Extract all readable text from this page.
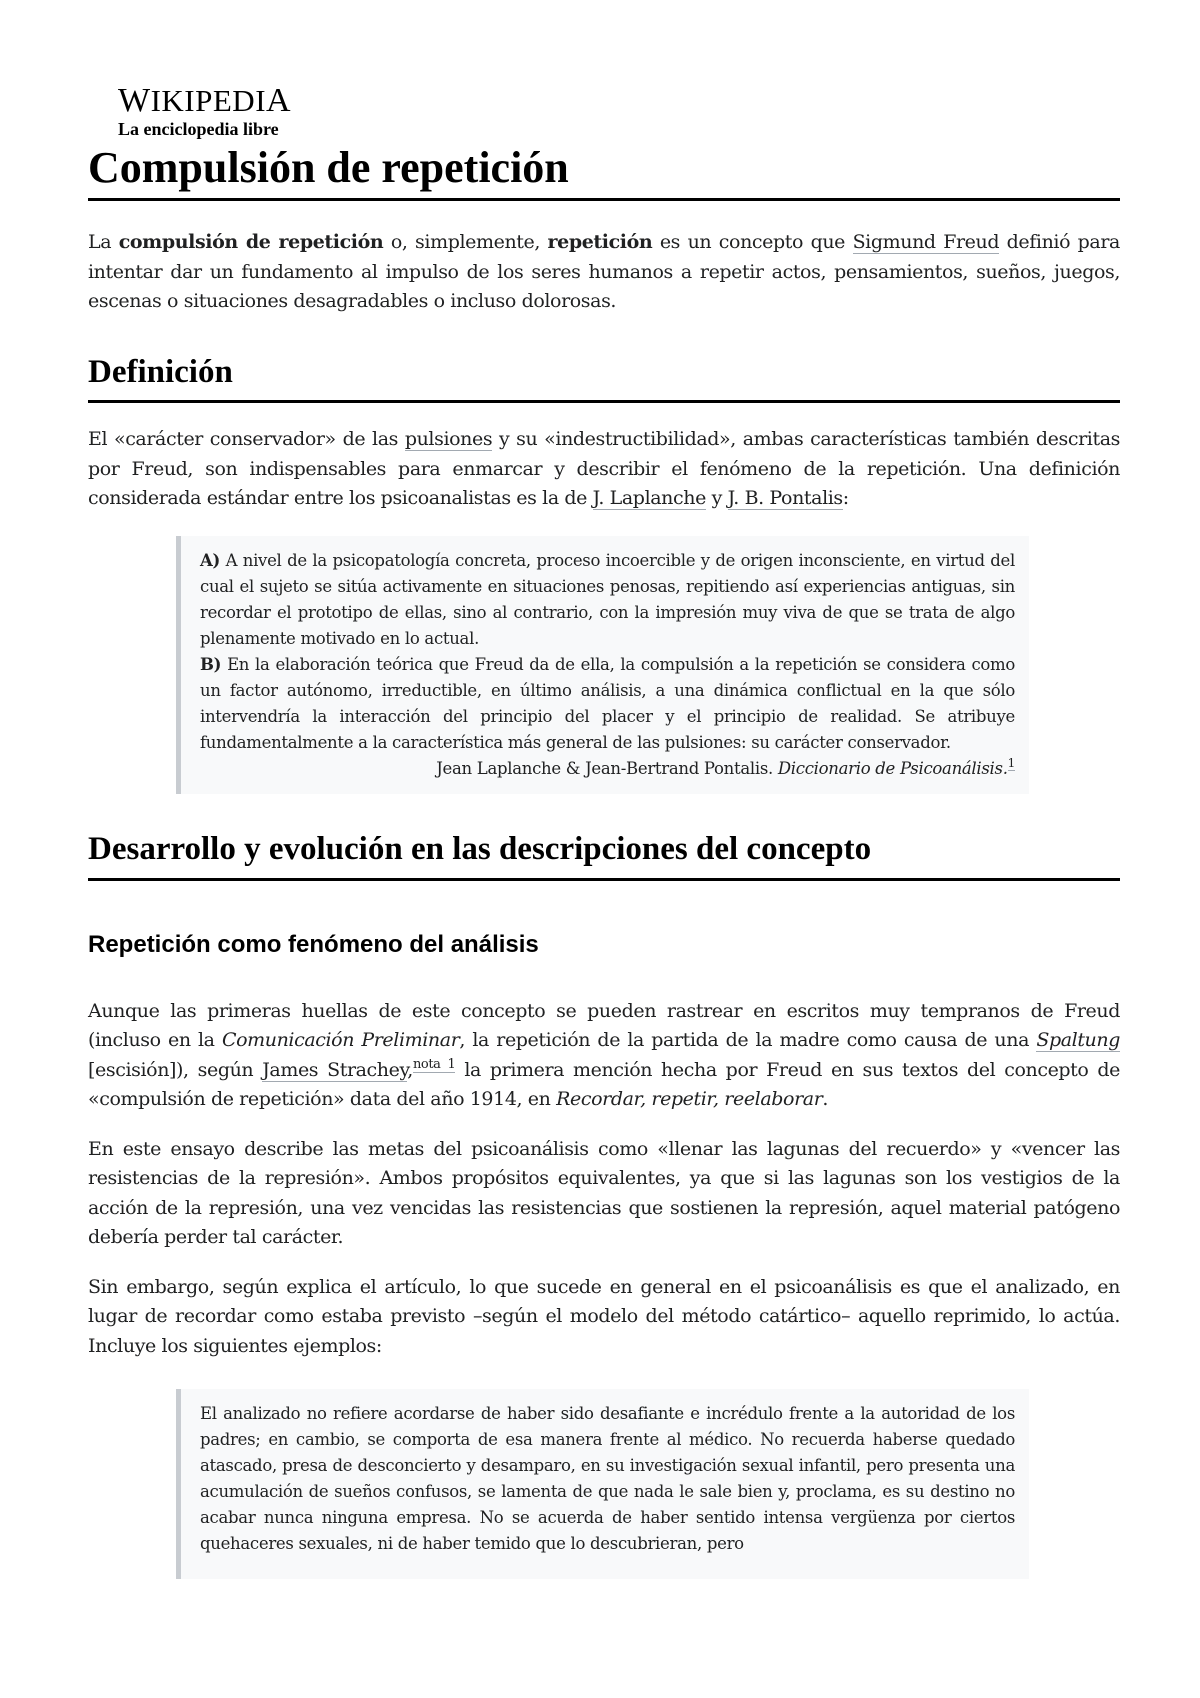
WIKIPEDIA
La enciclopedia libre
Compulsión de repetición

La compulsión de repetición o, simplemente, repetición es un concepto que Sigmund Freud definió para intentar dar un fundamento al impulso de los seres humanos a repetir actos, pensamientos, sueños, juegos, escenas o situaciones desagradables o incluso dolorosas.

Definición

El «carácter conservador» de las pulsiones y su «indestructibilidad», ambas características también descritas por Freud, son indispensables para enmarcar y describir el fenómeno de la repetición. Una definición considerada estándar entre los psicoanalistas es la de J. Laplanche y J. B. Pontalis:

A) A nivel de la psicopatología concreta, proceso incoercible y de origen inconsciente, en virtud del cual el sujeto se sitúa activamente en situaciones penosas, repitiendo así experiencias antiguas, sin recordar el prototipo de ellas, sino al contrario, con la impresión muy viva de que se trata de algo plenamente motivado en lo actual.
B) En la elaboración teórica que Freud da de ella, la compulsión a la repetición se considera como un factor autónomo, irreductible, en último análisis, a una dinámica conflictual en la que sólo intervendría la interacción del principio del placer y el principio de realidad. Se atribuye fundamentalmente a la característica más general de las pulsiones: su carácter conservador.

Jean Laplanche & Jean-Bertrand Pontalis. Diccionario de Psicoanálisis.$^1$
Desarrollo y evolución en las descripciones del concepto
Repetición como fenómeno del análisis

Aunque las primeras huellas de este concepto se pueden rastrear en escritos muy tempranos de Freud (incluso en la Comunicación Preliminar, la repetición de la partida de la madre como causa de una Spaltung [escisión]), según James Strachey,$^{nota 1}$ la primera mención hecha por Freud en sus textos del concepto de «compulsión de repetición» data del año 1914, en Recordar, repetir, reelaborar.

En este ensayo describe las metas del psicoanálisis como «llenar las lagunas del recuerdo» y «vencer las resistencias de la represión». Ambos propósitos equivalentes, ya que si las lagunas son los vestigios de la acción de la represión, una vez vencidas las resistencias que sostienen la represión, aquel material patógeno debería perder tal carácter.

Sin embargo, según explica el artículo, lo que sucede en general en el psicoanálisis es que el analizado, en lugar de recordar como estaba previsto –según el modelo del método catártico– aquello reprimido, lo actúa. Incluye los siguientes ejemplos:

El analizado no refiere acordarse de haber sido desafiante e incrédulo frente a la autoridad de los padres; en cambio, se comporta de esa manera frente al médico. No recuerda haberse quedado atascado, presa de desconcierto y desamparo, en su investigación sexual infantil, pero presenta una acumulación de sueños confusos, se lamenta de que nada le sale bien y, proclama, es su destino no acabar nunca ninguna empresa. No se acuerda de haber sentido intensa vergüenza por ciertos quehaceres sexuales, ni de haber temido que lo descubrieran, pero
